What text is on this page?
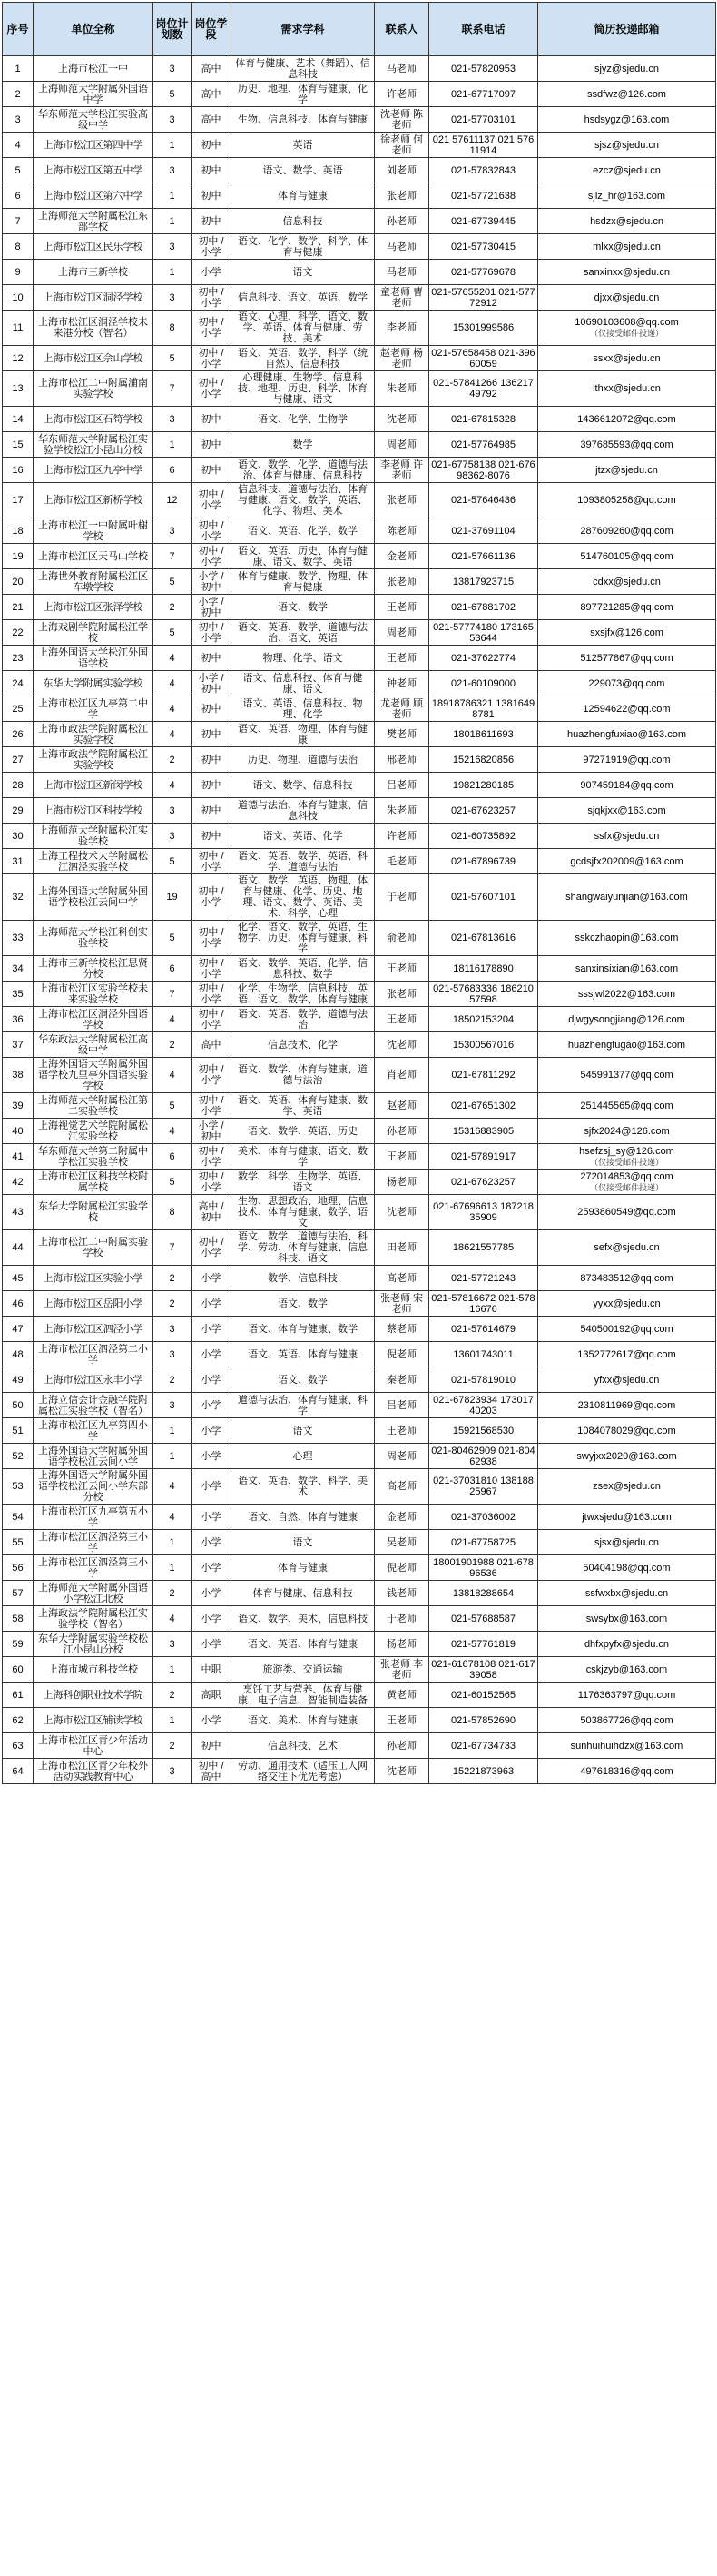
序号	单位全称	岗位计划数	岗位学段	需求学科	联系人	联系电话	简历投递邮箱
1	上海市松江一中	3	高中	体育与健康、艺术（舞蹈）、信息科技	马老师	021-57820953	sjyz@sjedu.cn
2	上海师范大学附属外国语中学	5	高中	历史、地理、体育与健康、化学	许老师	021-67717097	ssdfwz@126.com
3	华东师范大学松江实验高级中学	3	高中	生物、信息科技、体育与健康	沈老师 陈老师	021-57703101	hsdsygz@163.com
4	上海市松江区第四中学	1	初中	英语	徐老师 何老师	021 57611137 021 57611914	sjsz@sjedu.cn
5	上海市松江区第五中学	3	初中	语文、数学、英语	刘老师	021-57832843	ezcz@sjedu.cn
6	上海市松江区第六中学	1	初中	体育与健康	张老师	021-57721638	sjlz_hr@163.com
7	上海师范大学附属松江东部学校	1	初中	信息科技	孙老师	021-67739445	hsdzx@sjedu.cn
8	上海市松江区民乐学校	3	初中 / 小学	语文、化学、数学、科学、体育与健康	马老师	021-57730415	mlxx@sjedu.cn
9	上海市三新学校	1	小学	语文	马老师	021-57769678	sanxinxx@sjedu.cn
10	上海市松江区洞泾学校	3	初中 / 小学	信息科技、语文、英语、数学	童老师 曹老师	021-57655201 021-57772912	djxx@sjedu.cn
11	上海市松江区洞泾学校未来港分校（智名）	8	初中 / 小学	语文、心理、科学、语文、数学、英语、体育与健康、劳技、美术	李老师	15301999586	10690103608@qq.com
（仅接受邮件投递）

12	上海市松江区佘山学校	5	初中 / 小学	语文、英语、数学、科学（统自然）、信息科技	赵老师 杨老师	021-57658458 021-39660059	ssxx@sjedu.cn
13	上海市松江二中附属浦南实验学校	7	初中 / 小学	心理健康、生物学、信息科技、地理、历史、科学、体育与健康、语文	朱老师	021-57841266 13621749792	lthxx@sjedu.cn
14	上海市松江区石笱学校	3	初中	语文、化学、生物学	沈老师	021-67815328	1436612072@qq.com
15	华东师范大学附属松江实验学校松江小昆山分校	1	初中	数学	周老师	021-57764985	397685593@qq.com
16	上海市松江区九亭中学	6	初中	语文、数学、化学、道德与法治、体育与健康、信息科技	李老师 许老师	021-67758138 021-67698362-8076	jtzx@sjedu.cn
17	上海市松江区新桥学校	12	初中 / 小学	信息科技、道德与法治、体育与健康、语文、数学、英语、化学、物理、美术	张老师	021-57646436	1093805258@qq.com
18	上海市松江一中附属叶榭学校	3	初中 / 小学	语文、英语、化学、数学	陈老师	021-37691104	287609260@qq.com
19	上海市松江区天马山学校	7	初中 / 小学	语文、英语、历史、体育与健康、语文、数学、英语	金老师	021-57661136	514760105@qq.com
20	上海世外教育附属松江区车墩学校	5	小学 / 初中	体育与健康、数学、物理、体育与健康	张老师	13817923715	cdxx@sjedu.cn
21	上海市松江区张泽学校	2	小学 / 初中	语文、数学	王老师	021-67881702	897721285@qq.com
22	上海戏剧学院附属松江学校	5	初中 / 小学	语文、英语、数学、道德与法治、语文、英语	周老师	021-57774180 17316553644	sxsjfx@126.com
23	上海外国语大学松江外国语学校	4	初中	物理、化学、语文	王老师	021-37622774	512577867@qq.com
24	东华大学附属实验学校	4	小学 / 初中	语文、信息科技、体育与健康、语文	钟老师	021-60109000	229073@qq.com
25	上海市松江区九亭第二中学	4	初中	语文、英语、信息科技、物理、化学	龙老师 顾老师	18918786321 13816498781	12594622@qq.com
26	上海市政法学院附属松江实验学校	4	初中	语文、英语、物理、体育与健康	樊老师	18018611693	huazhengfuxiao@163.com
27	上海市政法学院附属松江实验学校	2	初中	历史、物理、道德与法治	邢老师	15216820856	97271919@qq.com
28	上海市松江区新闵学校	4	初中	语文、数学、信息科技	吕老师	19821280185	907459184@qq.com
29	上海市松江区科技学校	3	初中	道德与法治、体育与健康、信息科技	朱老师	021-67623257	sjqkjxx@163.com
30	上海师范大学附属松江实验学校	3	初中	语文、英语、化学	许老师	021-60735892	ssfx@sjedu.cn
31	上海工程技术大学附属松江泗泾实验学校	5	初中 / 小学	语文、英语、数学、英语、科学、道德与法治	毛老师	021-67896739	gcdsjfx202009@163.com
32	上海外国语大学附属外国语学校松江云间中学	19	初中 / 小学	语文、数学、英语、物理、体育与健康、化学、历史、地理、语文、数学、英语、美术、科学、心理	于老师	021-57607101	shangwaiyunjian@163.com
33	上海师范大学松江科创实验学校	5	初中 / 小学	化学、语文、数学、英语、生物学、历史、体育与健康、科学	俞老师	021-67813616	sskczhaopin@163.com
34	上海市三新学校松江思贤分校	6	初中 / 小学	语文、数学、英语、化学、信息科技、数学	王老师	18116178890	sanxinsixian@163.com
35	上海市松江区实验学校未来实验学校	7	初中 / 小学	化学、生物学、信息科技、英语、语文、数学、体育与健康	张老师	021-57683336 18621057598	sssjwl2022@163.com
36	上海市松江区洞泾外国语学校	4	初中 / 小学	语文、英语、数学、道德与法治	王老师	18502153204	djwgysongjiang@126.com
37	华东政法大学附属松江高级中学	2	高中	信息技术、化学	沈老师	15300567016	huazhengfugao@163.com
38	上海外国语大学附属外国语学校九里亭外国语实验学校	4	初中 / 小学	语文、数学、体育与健康、道德与法治	肖老师	021-67811292	545991377@qq.com
39	上海师范大学附属松江第二实验学校	5	初中 / 小学	语文、英语、体育与健康、数学、英语	赵老师	021-67651302	251445565@qq.com
40	上海视觉艺术学院附属松江实验学校	4	小学 / 初中	语文、数学、英语、历史	孙老师	15316883905	sjfx2024@126.com
41	华东师范大学第二附属中学松江实验学校	6	初中 / 小学	美术、体育与健康、语文、数学	王老师	021-57891917	hsefzsj_sy@126.com
（仅接受邮件投递）

42	上海市松江区科技学校附属学校	5	初中 / 小学	数学、科学、生物学、英语、语文	杨老师	021-67623257	272014853@qq.com
（仅接受邮件投递）

43	东华大学附属松江实验学校	8	高中 / 初中	生物、思想政治、地理、信息技术、体育与健康、数学、语文	沈老师	021-67696613 18721835909	2593860549@qq.com
44	上海市松江二中附属实验学校	7	初中 / 小学	语文、数学、道德与法治、科学、劳动、体育与健康、信息科技、语文	田老师	18621557785	sefx@sjedu.cn
45	上海市松江区实验小学	2	小学	数学、信息科技	高老师	021-57721243	873483512@qq.com
46	上海市松江区岳阳小学	2	小学	语文、数学	张老师 宋老师	021-57816672 021-57816676	yyxx@sjedu.cn
47	上海市松江区泗泾小学	3	小学	语文、体育与健康、数学	蔡老师	021-57614679	540500192@qq.com
48	上海市松江区泗泾第二小学	3	小学	语文、英语、体育与健康	倪老师	13601743011	1352772617@qq.com
49	上海市松江区永丰小学	2	小学	语文、数学	秦老师	021-57819010	yfxx@sjedu.cn
50	上海立信会计金融学院附属松江实验学校（智名）	3	小学	道德与法治、体育与健康、科学	吕老师	021-67823934 17301740203	2310811969@qq.com
51	上海市松江区九亭第四小学	1	小学	语文	王老师	15921568530	1084078029@qq.com
52	上海外国语大学附属外国语学校松江云间小学	1	小学	心理	周老师	021-80462909 021-80462938	swyjxx2020@163.com
53	上海外国语大学附属外国语学校松江云间小学东部分校	4	小学	语文、英语、数学、科学、美术	高老师	021-37031810 13818825967	zsex@sjedu.cn
54	上海市松江区九亭第五小学	4	小学	语文、自然、体育与健康	金老师	021-37036002	jtwxsjedu@163.com
55	上海市松江区泗泾第三小学	1	小学	语文	吴老师	021-67758725	sjsx@sjedu.cn
56	上海市松江区泗泾第三小学	1	小学	体育与健康	倪老师	18001901988 021-67896536	50404198@qq.com
57	上海师范大学附属外国语小学松江北校	2	小学	体育与健康、信息科技	钱老师	13818288654	ssfwxbx@sjedu.cn
58	上海政法学院附属松江实验学校（智名）	4	小学	语文、数学、美术、信息科技	于老师	021-57688587	swsybx@163.com
59	东华大学附属实验学校松江小昆山分校	3	小学	语文、英语、体育与健康	杨老师	021-57761819	dhfxpyfx@sjedu.cn
60	上海市城市科技学校	1	中职	旅游类、交通运输	张老师 李老师	021-61678108 021-61739058	cskjzyb@163.com
61	上海科创职业技术学院	2	高职	烹饪工艺与营养、体育与健康、电子信息、智能制造装备	黄老师	021-60152565	1176363797@qq.com
62	上海市松江区辅读学校	1	小学	语文、美术、体育与健康	王老师	021-57852690	503867726@qq.com
63	上海市松江区青少年活动中心	2	初中	信息科技、艺术	孙老师	021-67734733	sunhuihuihdzx@163.com
64	上海市松江区青少年校外活动实践教育中心	3	初中 / 高中	劳动、通用技术（适压工人网络交往下优先考虑）	沈老师	15221873963	497618316@qq.com
